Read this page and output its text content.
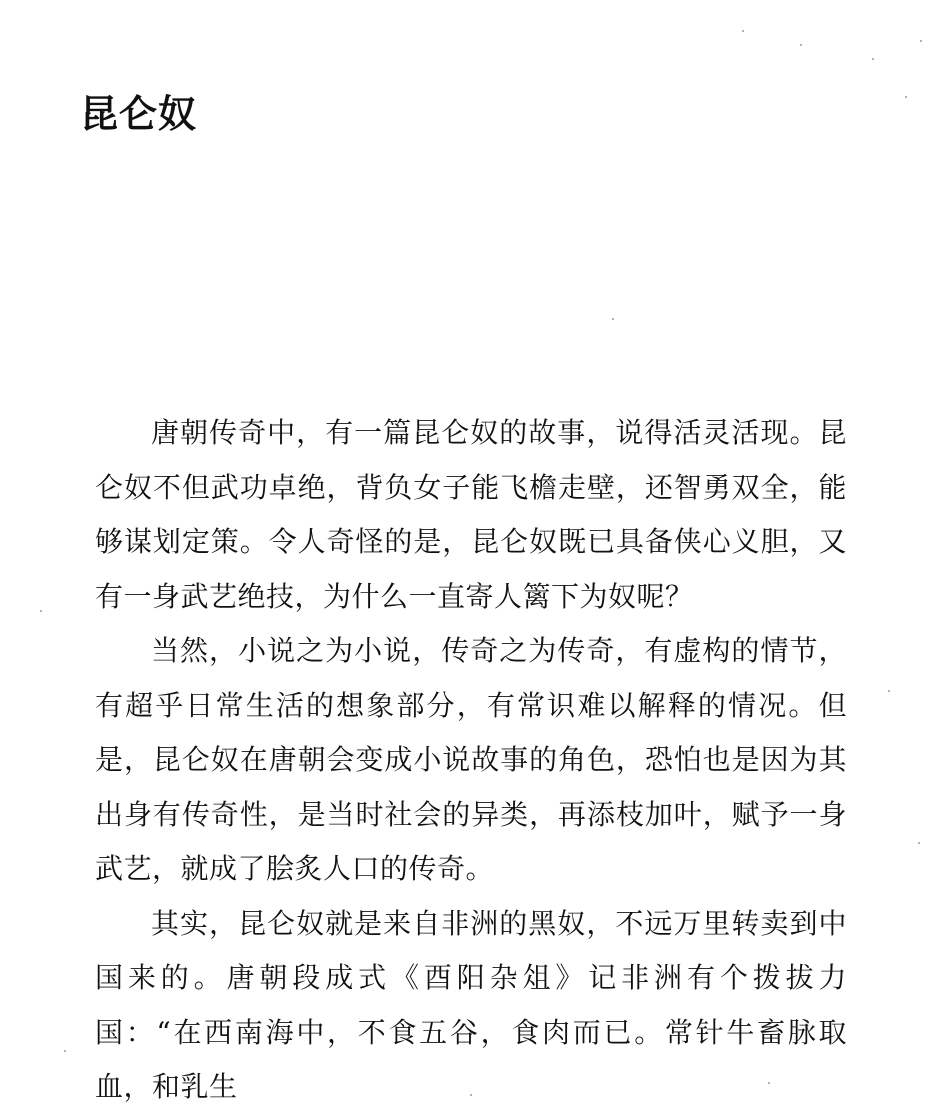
昆仑奴

唐朝传奇中，有一篇昆仑奴的故事，说得活灵活现。昆仑奴不但武功卓绝，背负女子能飞檐走壁，还智勇双全，能够谋划定策。令人奇怪的是，昆仑奴既已具备侠心义胆，又有一身武艺绝技，为什么一直寄人篱下为奴呢？

当然，小说之为小说，传奇之为传奇，有虚构的情节，有超乎日常生活的想象部分，有常识难以解释的情况。但是，昆仑奴在唐朝会变成小说故事的角色，恐怕也是因为其出身有传奇性，是当时社会的异类，再添枝加叶，赋予一身武艺，就成了脍炙人口的传奇。

其实，昆仑奴就是来自非洲的黑奴，不远万里转卖到中国来的。唐朝段成式《酉阳杂俎》记非洲有个拨拔力国：“在西南海中，不食五谷，食肉而已。常针牛畜脉取血，和乳生
